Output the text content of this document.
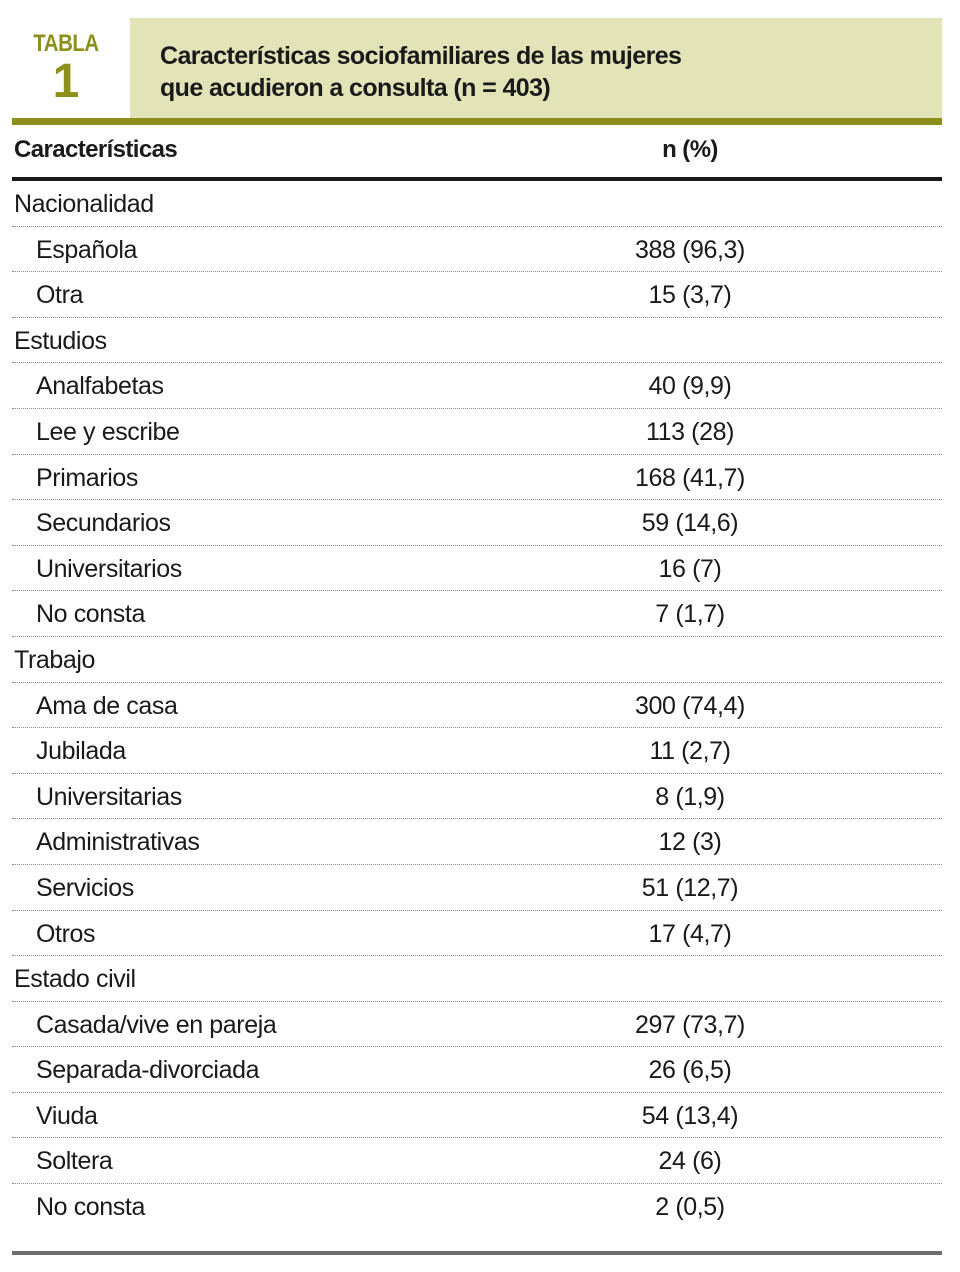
TABLA
1	Características sociofamiliares de las mujeres
que acudieron a consulta (n = 403)
Características	n (%)
Nacionalidad
Española	388 (96,3)
Otra	15 (3,7)
Estudios
Analfabetas	40 (9,9)
Lee y escribe	113 (28)
Primarios	168 (41,7)
Secundarios	59 (14,6)
Universitarios	16 (7)
No consta	7 (1,7)
Trabajo
Ama de casa	300 (74,4)
Jubilada	11 (2,7)
Universitarias	8 (1,9)
Administrativas	12 (3)
Servicios	51 (12,7)
Otros	17 (4,7)
Estado civil
Casada/vive en pareja	297 (73,7)
Separada-divorciada	26 (6,5)
Viuda	54 (13,4)
Soltera	24 (6)
No consta	2 (0,5)
